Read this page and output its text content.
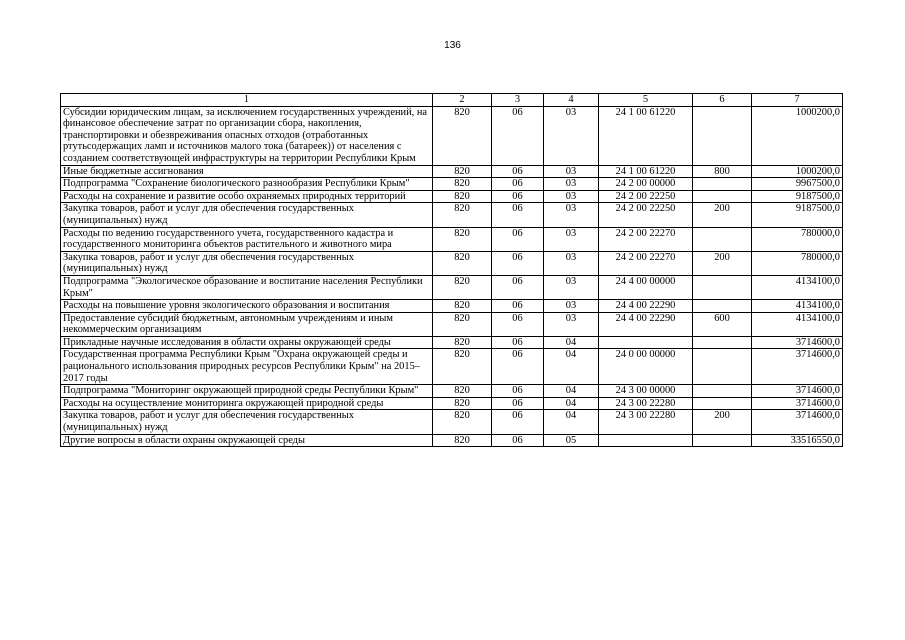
136
1	2	3	4	5	6	7
Субсидии юридическим лицам, за исключением государственных учреждений, на финансовое обеспечение затрат по организации сбора, накопления, транспортировки и обезвреживания опасных отходов (отработанных ртутьсодержащих ламп и источников малого тока (батареек)) от населения с созданием соответствующей инфраструктуры на территории Республики Крым	820	06	03	24 1 00 61220		1000200,0
Иные бюджетные ассигнования	820	06	03	24 1 00 61220	800	1000200,0
Подпрограмма "Сохранение биологического разнообразия Республики Крым"	820	06	03	24 2 00 00000		9967500,0
Расходы на сохранение и развитие особо охраняемых природных территорий	820	06	03	24 2 00 22250		9187500,0
Закупка товаров, работ и услуг для обеспечения государственных (муниципальных) нужд	820	06	03	24 2 00 22250	200	9187500,0
Расходы по ведению государственного учета, государственного кадастра и государственного мониторинга объектов растительного и животного мира	820	06	03	24 2 00 22270		780000,0
Закупка товаров, работ и услуг для обеспечения государственных (муниципальных) нужд	820	06	03	24 2 00 22270	200	780000,0
Подпрограмма "Экологическое образование и воспитание населения Республики Крым"	820	06	03	24 4 00 00000		4134100,0
Расходы на повышение уровня экологического образования и воспитания	820	06	03	24 4 00 22290		4134100,0
Предоставление субсидий бюджетным, автономным учреждениям и иным некоммерческим организациям	820	06	03	24 4 00 22290	600	4134100,0
Прикладные научные исследования в области охраны окружающей среды	820	06	04			3714600,0
Государственная программа Республики Крым "Охрана окружающей среды и рационального использования природных ресурсов Республики Крым" на 2015–2017 годы	820	06	04	24 0 00 00000		3714600,0
Подпрограмма "Мониторинг окружающей природной среды Республики Крым"	820	06	04	24 3 00 00000		3714600,0
Расходы на осуществление мониторинга окружающей природной среды	820	06	04	24 3 00 22280		3714600,0
Закупка товаров, работ и услуг для обеспечения государственных (муниципальных) нужд	820	06	04	24 3 00 22280	200	3714600,0
Другие вопросы в области охраны окружающей среды	820	06	05			33516550,0
